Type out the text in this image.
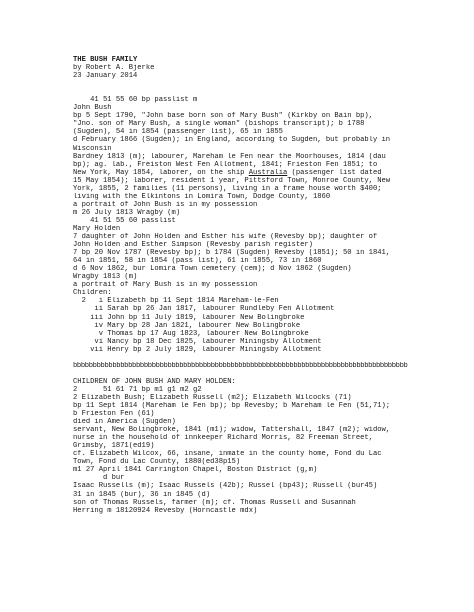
THE BUSH FAMILY
by Robert A. Bjerke
23 January 2014
41 51 55 60 bp passlist m
John Bush
bp 5 Sept 1790, "John base born son of Mary Bush" (Kirkby on Bain bp),
"Jno. son of Mary Bush, a single woman" (bishops transcript); b 1788
(Sugden), 54 in 1854 (passenger list), 65 in 1855
d February 1866 (Sugden); in England, according to Sugden, but probably in
Wisconsin
Bardney 1813 (m); labourer, Mareham le Fen near the Moorhouses, 1814 (dau
bp); ag. lab., Freiston West Fen Allotment, 1841; Frieston Fen 1851; to
New York, May 1854, laborer, on the ship Australia (passenger list dated
15 May 1854); laborer, resident 1 year, Pittsford Town, Monroe County, New
York, 1855, 2 families (11 persons), living in a frame house worth $400;
living with the Elkintons in Lomira Town, Dodge County, 1860
a portrait of John Bush is in my possession
m 26 July 1813 Wragby (m)
41 51 55 60 passlist
Mary Holden
7 daughter of John Holden and Esther his wife (Revesby bp); daughter of
John Holden and Esther Simpson (Revesby parish register)
7 bp 20 Nov 1787 (Revesby bp); b 1784 (Sugden) Revesby (1851); 50 in 1841,
64 in 1851, 58 in 1854 (pass list), 61 in 1855, 73 in 1860
d 6 Nov 1862, bur Lomira Town cemetery (cem); d Nov 1862 (Sugden)
Wragby 1813 (m)
a portrait of Mary Bush is in my possession
Children:
2   i Elizabeth bp 11 Sept 1814 Mareham-le-Fen
ii Sarah bp 26 Jan 1817, labourer Rundleby Fen Allotment
iii John bp 11 July 1819, labourer New Bolingbroke
iv Mary bp 28 Jan 1821, labourer New Bolingbroke
v Thomas bp 17 Aug 1823, labourer New Bolingbroke
vi Nancy bp 18 Dec 1825, labourer Miningsby Allotment
vii Henry bp 2 July 1829, labourer Miningsby Allotment
bbbbbbbbbbbbbbbbbbbbbbbbbbbbbbbbbbbbbbbbbbbbbbbbbbbbbbbbbbbbbbbbbbbbbbbbbbbbbbbbbbbbb
CHILDREN OF JOHN BUSH AND MARY HOLDEN:
2      51 61 71 bp m1 g1 m2 g2
2 Elizabeth Bush; Elizabeth Russell (m2); Elizabeth Wilcocks (71)
bp 11 Sept 1814 (Mareham le Fen bp); bp Revesby; b Mareham le Fen (51,71);
b Frieston Fen (61)
died in America (Sugden)
servant, New Bolingbroke, 1841 (m1); widow, Tattershall, 1847 (m2); widow,
nurse in the household of innkeeper Richard Morris, 82 Freeman Street,
Grimsby, 1871(ed19)
cf. Elizabeth Wilcox, 66, insane, inmate in the county home, Fond du Lac
Town, Fond du Lac County, 1880(ed38p15)
m1 27 April 1841 Carrington Chapel, Boston District (g,m)
d bur
Isaac Russells (m); Isaac Russels (42b); Russel (bp43); Russell (bur45)
31 in 1845 (bur), 36 in 1845 (d)
son of Thomas Russels, farmer (m); cf. Thomas Russell and Susannah
Herring m 18120924 Revesby (Horncastle mdx)
